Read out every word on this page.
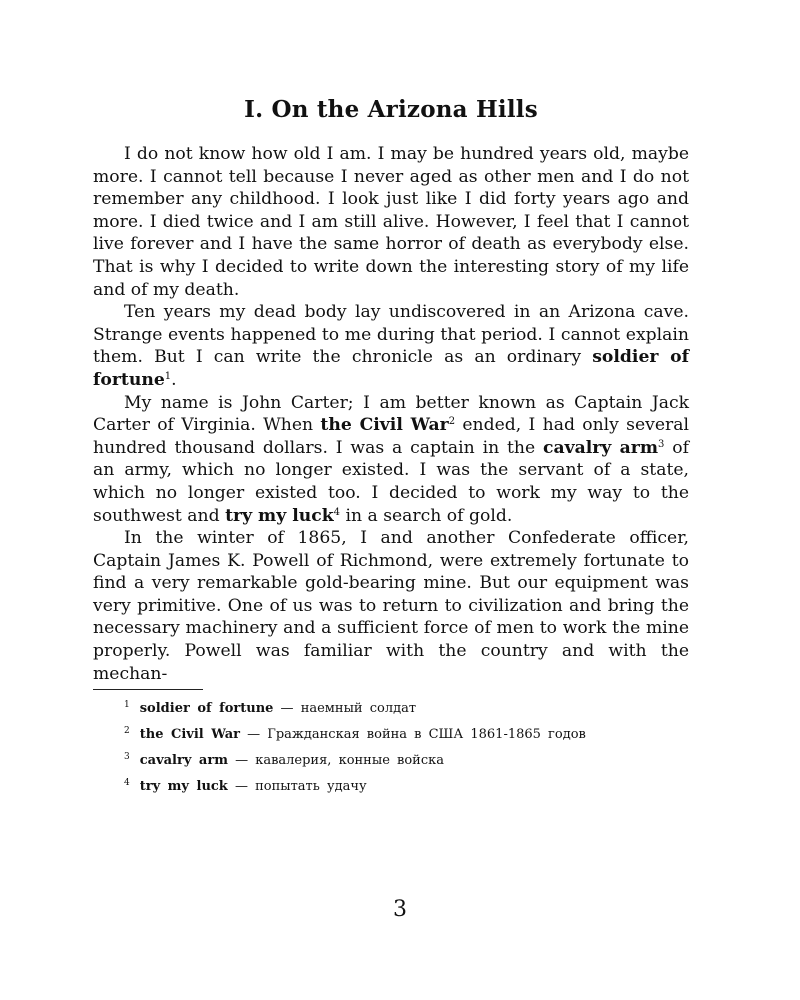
I. On the Arizona Hills

I do not know how old I am. I may be hundred years old, maybe more. I cannot tell because I never aged as other men and I do not remember any childhood. I look just like I did forty years ago and more. I died twice and I am still alive. However, I feel that I cannot live forever and I have the same horror of death as everybody else. That is why I decided to write down the interesting story of my life and of my death.

Ten years my dead body lay undiscovered in an Arizona cave. Strange events happened to me during that period. I cannot explain them. But I can write the chronicle as an ordinary soldier of fortune$^1$.

My name is John Carter; I am better known as Captain Jack Carter of Virginia. When the Civil War$^2$ ended, I had only several hundred thousand dollars. I was a captain in the cavalry arm$^3$ of an army, which no longer existed. I was the servant of a state, which no longer existed too. I decided to work my way to the southwest and try my luck$^4$ in a search of gold.

In the winter of 1865, I and another Confederate officer, Captain James K. Powell of Richmond, were extremely fortunate to find a very remarkable gold-bearing mine. But our equipment was very primitive. One of us was to return to civilization and bring the necessary machinery and a sufficient force of men to work the mine properly. Powell was familiar with the country and with the mechan-

$^1$ soldier of fortune — наемный солдат

$^2$ the Civil War — Гражданская война в США 1861-1865 годов

$^3$ cavalry arm — кавалерия, конные войска

$^4$ try my luck — попытать удачу

3
